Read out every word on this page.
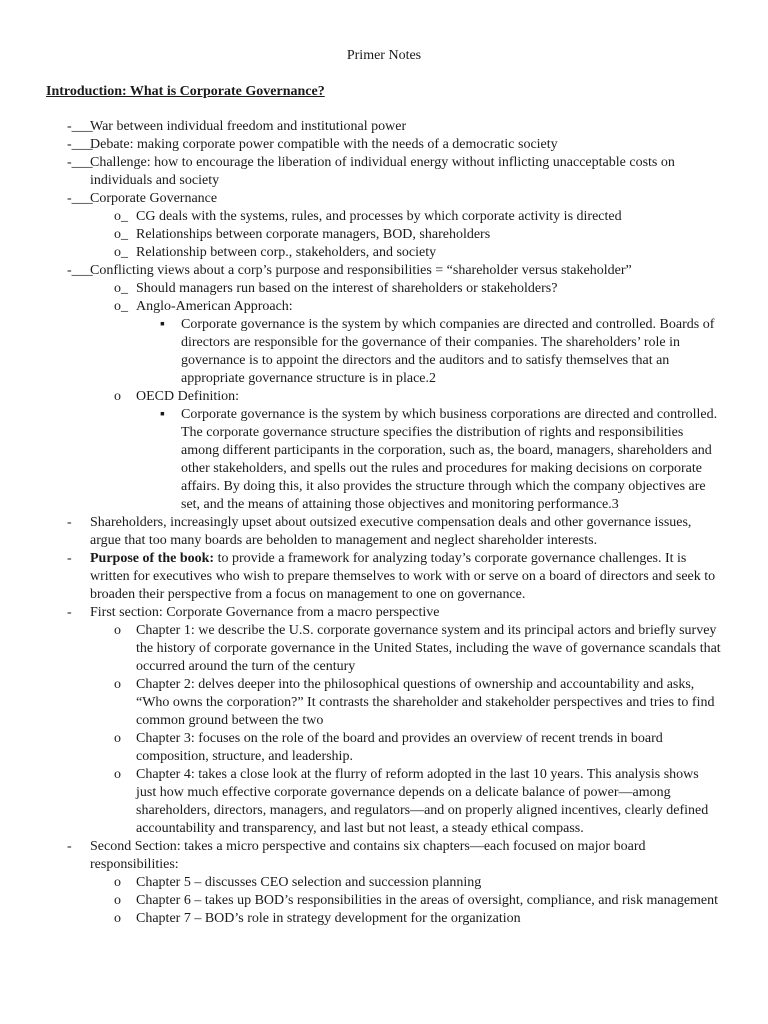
Primer Notes
Introduction: What is Corporate Governance?
-___
War between individual freedom and institutional power
-___
Debate: making corporate power compatible with the needs of a democratic society
-___
Challenge: how to encourage the liberation of individual energy without inflicting unacceptable costs on individuals and society
-___
Corporate Governance
o_ CG deals with the systems, rules, and processes by which corporate activity is directed
o_ Relationships between corporate managers, BOD, shareholders
o_ Relationship between corp., stakeholders, and society
-___
Conflicting views about a corp’s purpose and responsibilities = “shareholder versus stakeholder”
o_ Should managers run based on the interest of shareholders or stakeholders?
o_ Anglo-American Approach:
▪ Corporate governance is the system by which companies are directed and controlled. Boards of directors are responsible for the governance of their companies. The shareholders’ role in governance is to appoint the directors and the auditors and to satisfy themselves that an appropriate governance structure is in place.2
o OECD Definition:
▪ Corporate governance is the system by which business corporations are directed and controlled. The corporate governance structure specifies the distribution of rights and responsibilities among different participants in the corporation, such as, the board, managers, shareholders and other stakeholders, and spells out the rules and procedures for making decisions on corporate affairs. By doing this, it also provides the structure through which the company objectives are set, and the means of attaining those objectives and monitoring performance.3
- Shareholders, increasingly upset about outsized executive compensation deals and other governance issues, argue that too many boards are beholden to management and neglect shareholder interests.
- Purpose of the book: to provide a framework for analyzing today’s corporate governance challenges. It is written for executives who wish to prepare themselves to work with or serve on a board of directors and seek to broaden their perspective from a focus on management to one on governance.
- First section: Corporate Governance from a macro perspective
o Chapter 1: we describe the U.S. corporate governance system and its principal actors and briefly survey the history of corporate governance in the United States, including the wave of governance scandals that occurred around the turn of the century
o Chapter 2: delves deeper into the philosophical questions of ownership and accountability and asks, “Who owns the corporation?” It contrasts the shareholder and stakeholder perspectives and tries to find common ground between the two
o Chapter 3: focuses on the role of the board and provides an overview of recent trends in board composition, structure, and leadership.
o Chapter 4: takes a close look at the flurry of reform adopted in the last 10 years. This analysis shows just how much effective corporate governance depends on a delicate balance of power—among shareholders, directors, managers, and regulators—and on properly aligned incentives, clearly defined accountability and transparency, and last but not least, a steady ethical compass.
- Second Section: takes a micro perspective and contains six chapters—each focused on major board responsibilities:
o Chapter 5 – discusses CEO selection and succession planning
o Chapter 6 – takes up BOD’s responsibilities in the areas of oversight, compliance, and risk management
o Chapter 7 – BOD’s role in strategy development for the organization
